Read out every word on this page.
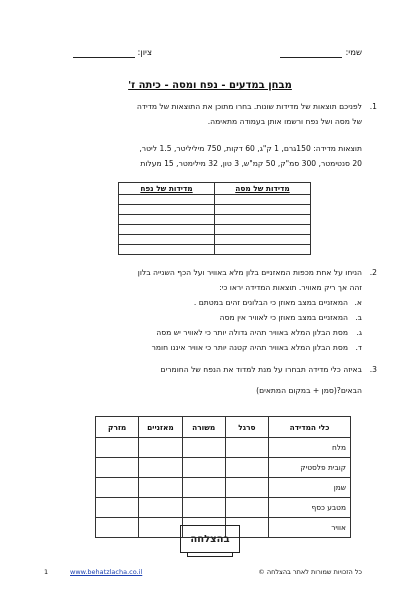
שמי:
ציון:
מבחן במדעים - נפח ומסה - כיתה ז'
1.
לפניכם תוצאות של מדידות שונות. בחרו מתוכן את התוצאות של מדידה
של מסה ושל נפח ורשמו אותן בעמודה מתאימה.
תוצאות מדידה: 150גרם, 1 ק"ג, 60 דקות, 750 מיליליטר, 1.5 ליטר,
20 סנטימטר, 300 סמ"ק, 50 קמ"ש, 3 טון, 32 מילימטר, 15 מעלות
מדידות של מסה	מדידות של נפח

2.
הניחו על אחת מכפות המאזניים בלון מלא באוויר ועל הכף השנייה בלון
זהה אך ריק מאוויר. תוצאות המדידה יראו כי:
א.
המאזניים במצב מאוזן כי הבלונים זהים במטתם .
ב.
המאזניים במצב מאוזן כי לאוויר אין מסה
ג.
מסת הבלון המלא באוויר תהיה גדולה יותר כי לאוויר יש מסה
ד.
מסת הבלון המלא באוויר תהיה קטנה יותר כי אוויר איננו חומר
3.
באיזה כלי מדידה תבחרו על מנת למדוד את הנפח של החומרים
הבאים?(סמן + במקום המתאים)
כלי המדידה	סרגל	משורה	מאזניים	מזרק
מלח				
קובית פלסטיק				
שמן				
מטבע כסף				
אוויר				
בהצלחה
כל הזכויות שמורות לאתר בהצלחה ©
www.behatzlacha.co.il
1
